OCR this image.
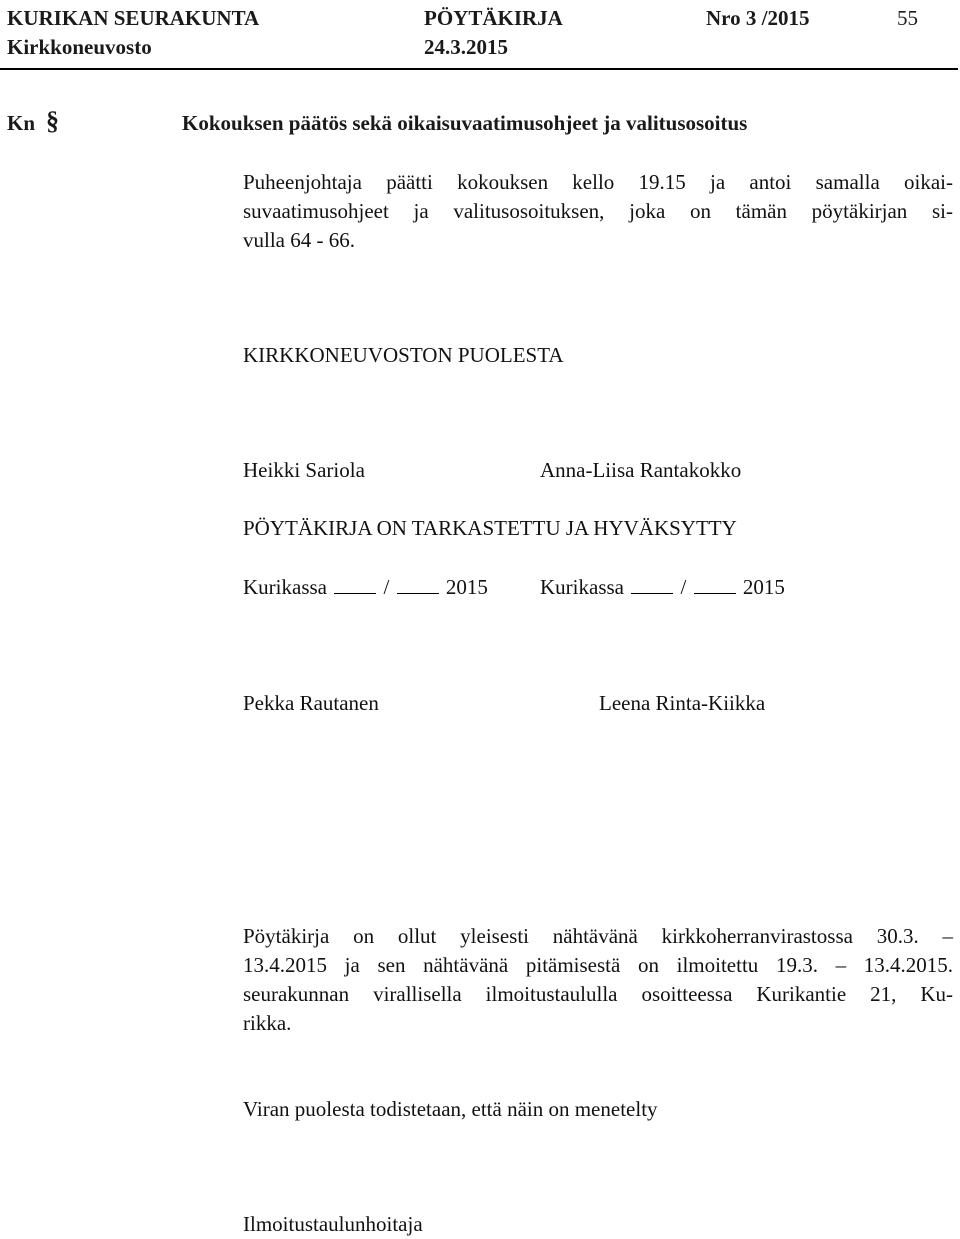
KURIKAN SEURAKUNTA	PÖYTÄKIRJA	Nro 3 /2015	55
Kirkkoneuvosto	24.3.2015
Kn §	Kokouksen päätös sekä oikaisuvaatimusohjeet ja valitusosoitus
Puheenjohtaja päätti kokouksen kello 19.15 ja antoi samalla oikai-
suvaatimusohjeet ja valitusosoituksen, joka on tämän pöytäkirjan si-
vulla 64 - 66.
KIRKKONEUVOSTON PUOLESTA
Heikki Sariola	Anna-Liisa Rantakokko
PÖYTÄKIRJA ON TARKASTETTU JA HYVÄKSYTTY
Kurikassa	/	2015 Kurikassa	/	2015
Pekka Rautanen	Leena Rinta-Kiikka
Pöytäkirja on ollut yleisesti nähtävänä kirkkoherranvirastossa 30.3. –
13.4.2015 ja sen nähtävänä pitämisestä on ilmoitettu 19.3. – 13.4.2015.
seurakunnan virallisella ilmoitustaululla osoitteessa Kurikantie 21, Ku-
rikka.
Viran puolesta todistetaan, että näin on menetelty
Ilmoitustaulunhoitaja
